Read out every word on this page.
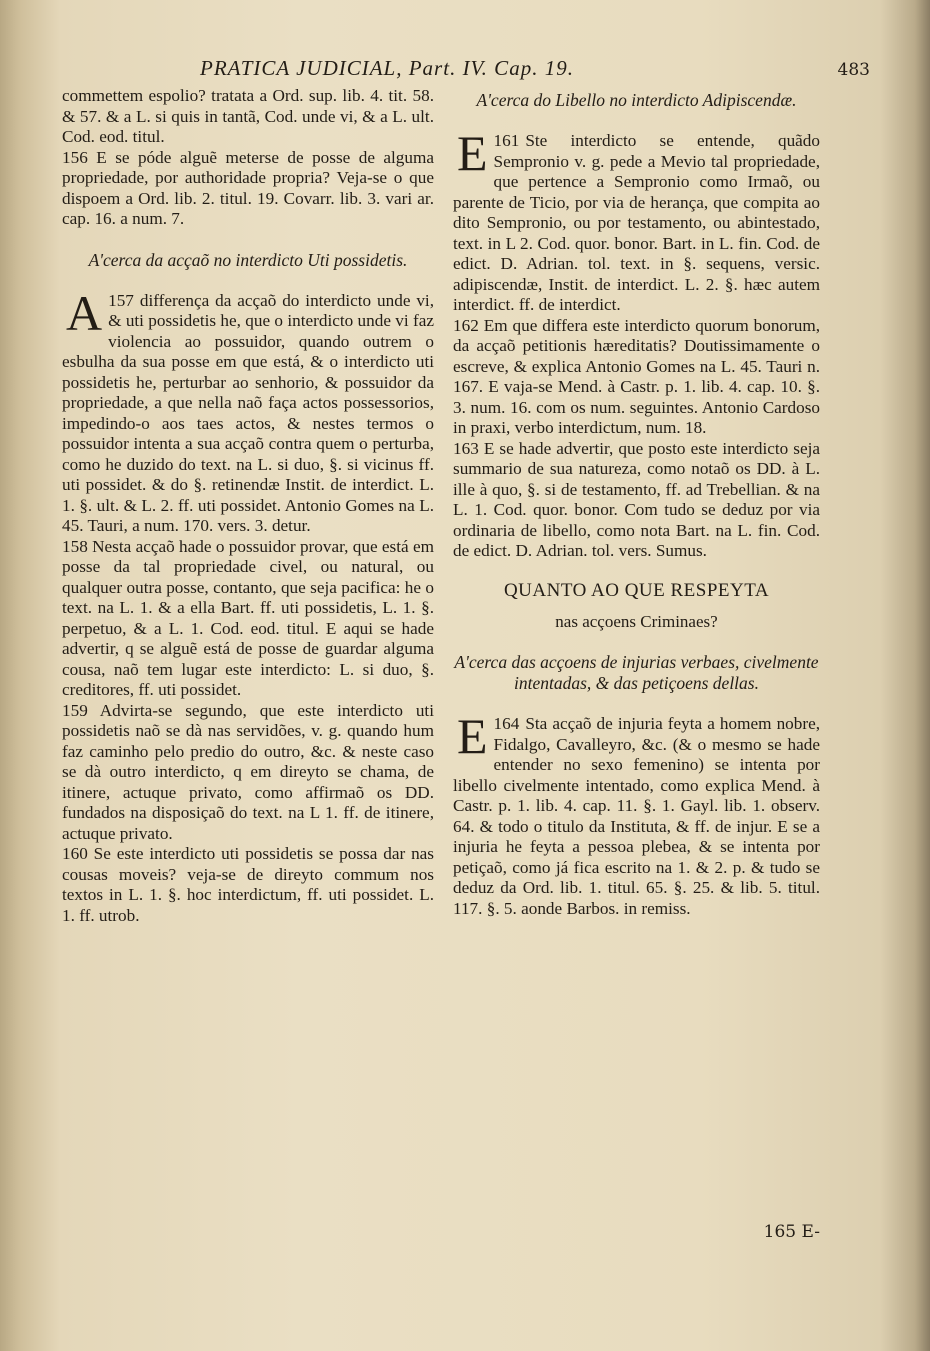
PRATICA JUDICIAL, Part. IV. Cap. 19.	483

commettem espolio? tratata a Ord. sup. lib. 4. tit. 58. & 57. & a L. si quis in tantã, Cod. unde vi, & a L. ult. Cod. eod. titul.

156 E se póde alguẽ meterse de posse de alguma propriedade, por authoridade propria? Veja-se o que dispoem a Ord. lib. 2. titul. 19. Covarr. lib. 3. vari ar. cap. 16. a num. 7.

A'cerca da acçaõ no interdicto Uti possidetis.

157
A differença da acçaõ do interdicto unde vi, & uti possidetis he, que o interdicto unde vi faz violencia ao possuidor, quando outrem o esbulha da sua posse em que está, & o interdicto uti possidetis he, perturbar ao senhorio, & possuidor da propriedade, a que nella naõ faça actos possessorios, impedindo-o aos taes actos, & nestes termos o possuidor intenta a sua acçaõ contra quem o perturba, como he duzido do text. na L. si duo, §. si vicinus ff. uti possidet. & do §. retinendæ Instit. de interdict. L. 1. §. ult. & L. 2. ff. uti possidet. Antonio Gomes na L. 45. Tauri, a num. 170. vers. 3. detur.

158 Nesta acçaõ hade o possuidor provar, que está em posse da tal propriedade civel, ou natural, ou qualquer outra posse, contanto, que seja pacifica: he o text. na L. 1. & a ella Bart. ff. uti possidetis, L. 1. §. perpetuo, & a L. 1. Cod. eod. titul. E aqui se hade advertir, q se alguẽ está de posse de guardar alguma cousa, naõ tem lugar este interdicto: L. si duo, §. creditores, ff. uti possidet.

159 Advirta-se segundo, que este interdicto uti possidetis naõ se dà nas servidões, v. g. quando hum faz caminho pelo predio do outro, &c. & neste caso se dà outro interdicto, q em direyto se chama, de itinere, actuque privato, como affirmaõ os DD. fundados na disposiçaõ do text. na L 1. ff. de itinere, actuque privato.

160 Se este interdicto uti possidetis se possa dar nas cousas moveis? veja-se de direyto commum nos textos in L. 1. §. hoc interdictum, ff. uti possidet. L. 1. ff. utrob.

A'cerca do Libello no interdicto Adipiscendæ.

161
E Ste interdicto se entende, quãdo Sempronio v. g. pede a Mevio tal propriedade, que pertence a Sempronio como Irmaõ, ou parente de Ticio, por via de herança, que compita ao dito Sempronio, ou por testamento, ou abintestado, text. in L 2. Cod. quor. bonor. Bart. in L. fin. Cod. de edict. D. Adrian. tol. text. in §. sequens, versic. adipiscendæ, Instit. de interdict. L. 2. §. hæc autem interdict. ff. de interdict.

162 Em que differa este interdicto quorum bonorum, da acçaõ petitionis hæreditatis? Doutissimamente o escreve, & explica Antonio Gomes na L. 45. Tauri n. 167. E vaja-se Mend. à Castr. p. 1. lib. 4. cap. 10. §. 3. num. 16. com os num. seguintes. Antonio Cardoso in praxi, verbo interdictum, num. 18.

163 E se hade advertir, que posto este interdicto seja summario de sua natureza, como notaõ os DD. à L. ille à quo, §. si de testamento, ff. ad Trebellian. & na L. 1. Cod. quor. bonor. Com tudo se deduz por via ordinaria de libello, como nota Bart. na L. fin. Cod. de edict. D. Adrian. tol. vers. Sumus.

QUANTO AO QUE RESPEYTA
nas acçoens Criminaes?
A'cerca das acçoens de injurias verbaes, civelmente intentadas, & das petiçoens dellas.

164
E Sta acçaõ de injuria feyta a homem nobre, Fidalgo, Cavalleyro, &c. (& o mesmo se hade entender no sexo femenino) se intenta por libello civelmente intentado, como explica Mend. à Castr. p. 1. lib. 4. cap. 11. §. 1. Gayl. lib. 1. observ. 64. & todo o titulo da Instituta, & ff. de injur. E se a injuria he feyta a pessoa plebea, & se intenta por petiçaõ, como já fica escrito na 1. & 2. p. & tudo se deduz da Ord. lib. 1. titul. 65. §. 25. & lib. 5. titul. 117. §. 5. aonde Barbos. in remiss.

165 E-
